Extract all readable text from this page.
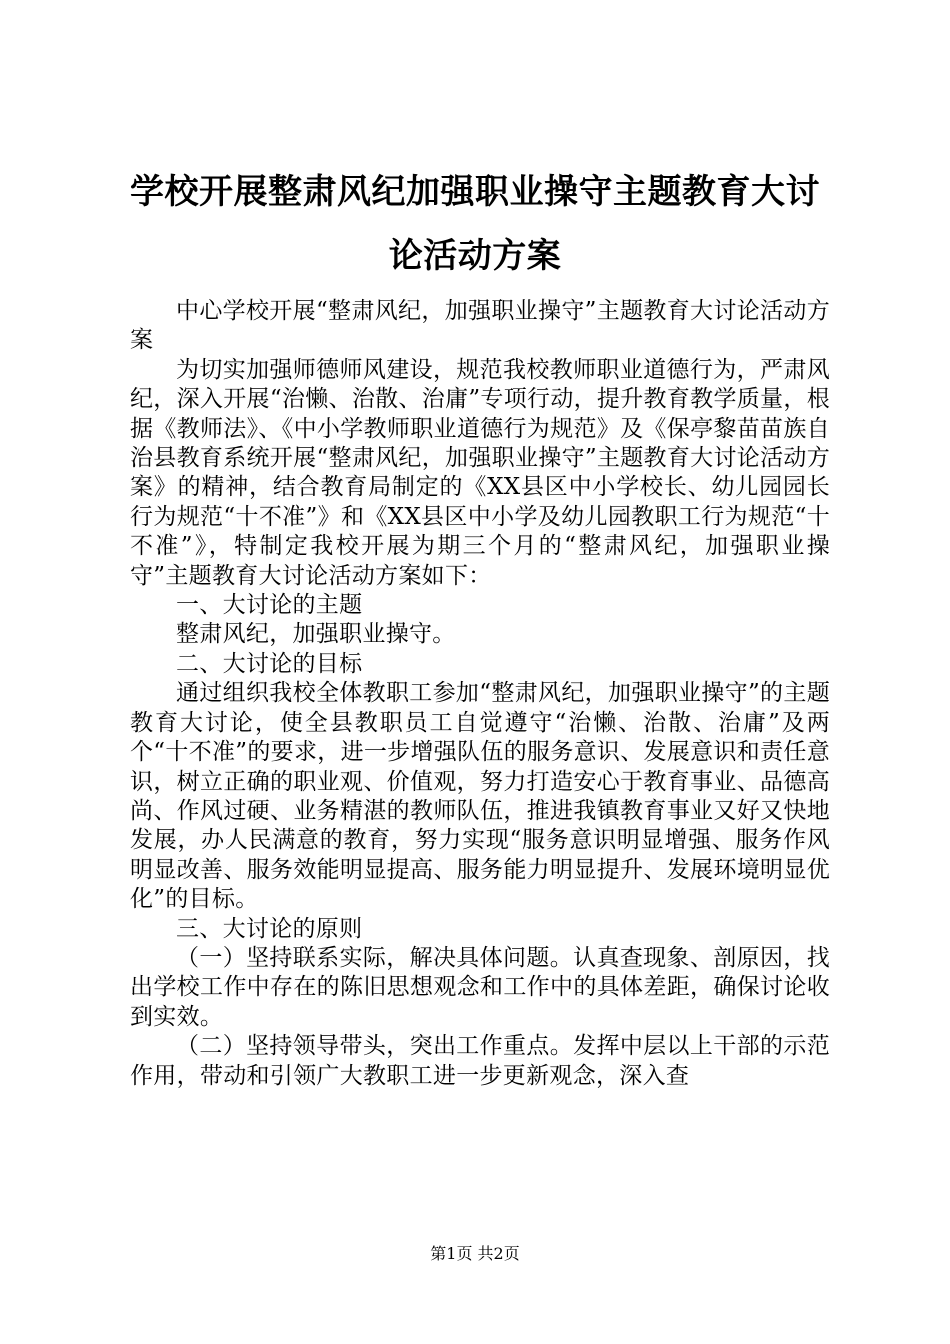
学校开展整肃风纪加强职业操守主题教育大讨论活动方案

中心学校开展“整肃风纪，加强职业操守”主题教育大讨论活动方案

为切实加强师德师风建设，规范我校教师职业道德行为，严肃风纪，深入开展“治懒、治散、治庸”专项行动，提升教育教学质量，根据《教师法》、《中小学教师职业道德行为规范》及《保亭黎苗苗族自治县教育系统开展“整肃风纪，加强职业操守”主题教育大讨论活动方案》的精神，结合教育局制定的《XX县区中小学校长、幼儿园园长行为规范“十不准”》和《XX县区中小学及幼儿园教职工行为规范“十不准”》，特制定我校开展为期三个月的“整肃风纪，加强职业操守”主题教育大讨论活动方案如下：

一、大讨论的主题

整肃风纪，加强职业操守。

二、大讨论的目标

通过组织我校全体教职工参加“整肃风纪，加强职业操守”的主题教育大讨论，使全县教职员工自觉遵守“治懒、治散、治庸”及两个“十不准”的要求，进一步增强队伍的服务意识、发展意识和责任意识，树立正确的职业观、价值观，努力打造安心于教育事业、品德高尚、作风过硬、业务精湛的教师队伍，推进我镇教育事业又好又快地发展，办人民满意的教育，努力实现“服务意识明显增强、服务作风明显改善、服务效能明显提高、服务能力明显提升、发展环境明显优化”的目标。

三、大讨论的原则

（一）坚持联系实际，解决具体问题。认真查现象、剖原因，找出学校工作中存在的陈旧思想观念和工作中的具体差距，确保讨论收到实效。

（二）坚持领导带头，突出工作重点。发挥中层以上干部的示范作用，带动和引领广大教职工进一步更新观念，深入查

第1页 共2页
